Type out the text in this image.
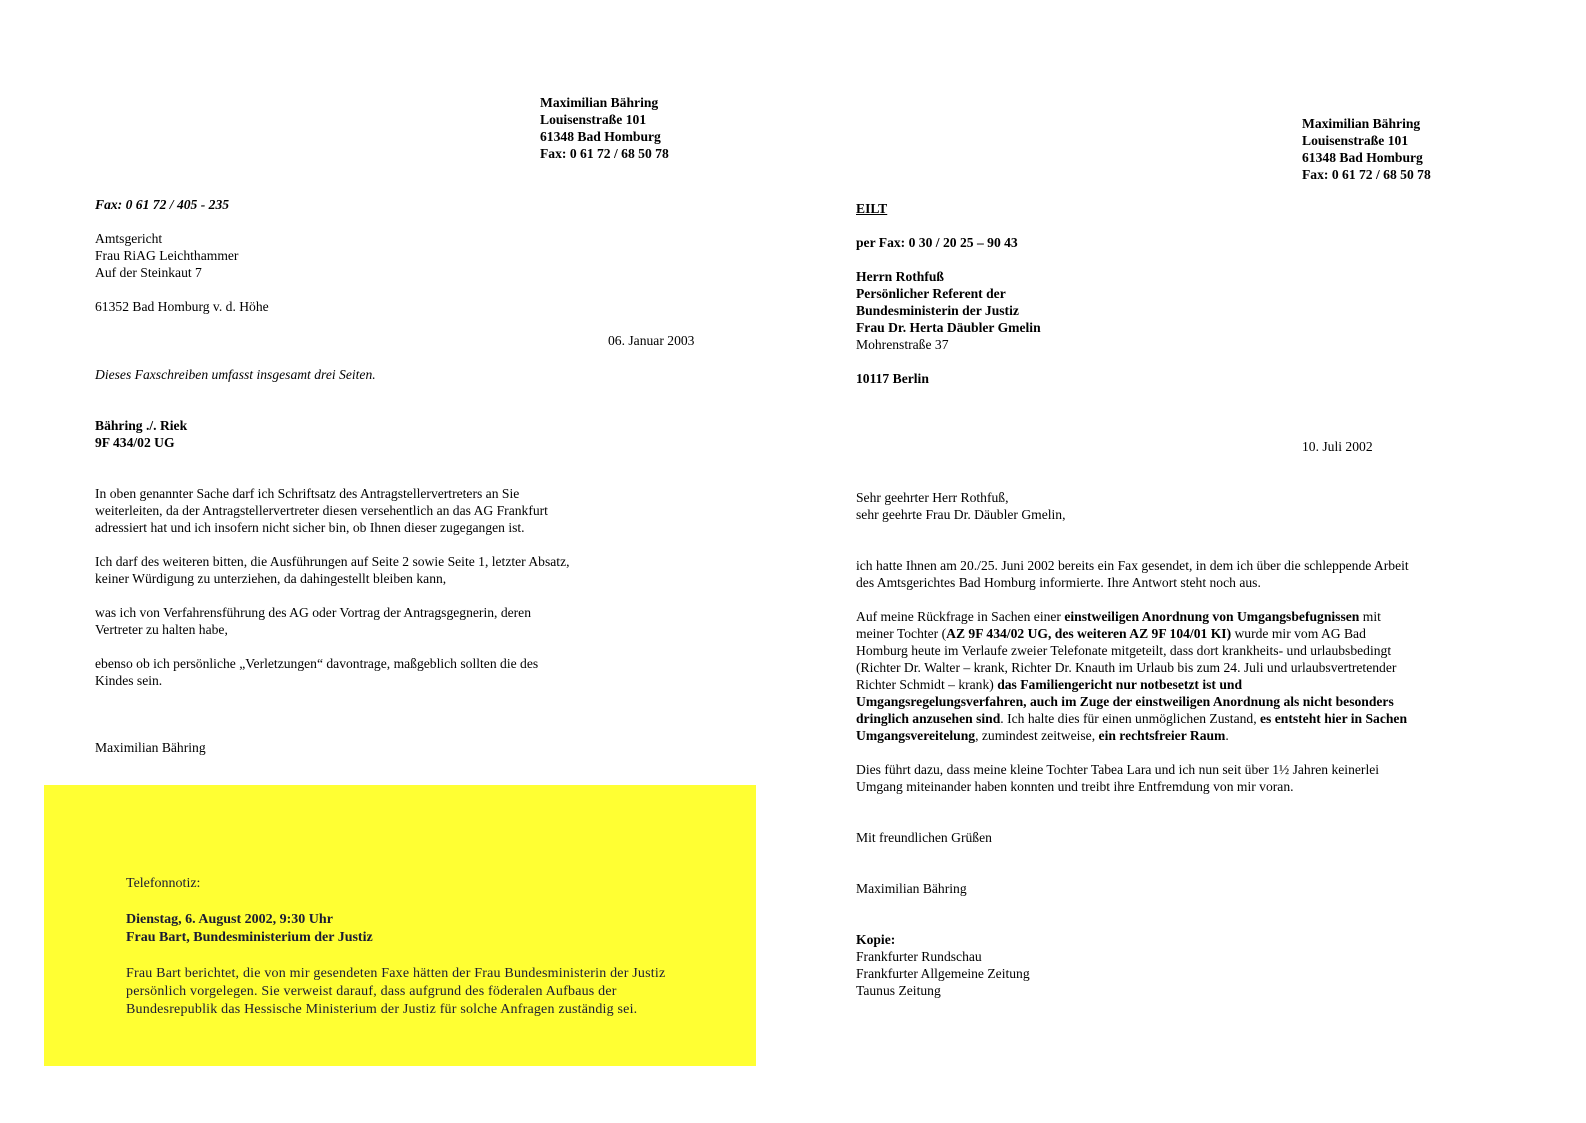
Maximilian Bähring
Louisenstraße 101
61348 Bad Homburg
Fax: 0 61 72 / 68 50 78
Fax: 0 61 72 / 405 - 235
Amtsgericht
Frau RiAG Leichthammer
Auf der Steinkaut 7
61352 Bad Homburg v. d. Höhe
06. Januar 2003
Dieses Faxschreiben umfasst insgesamt drei Seiten.
Bähring ./. Riek
9F 434/02 UG
In oben genannter Sache darf ich Schriftsatz des Antragstellervertreters an Sie
weiterleiten, da der Antragstellervertreter diesen versehentlich an das AG Frankfurt
adressiert hat und ich insofern nicht sicher bin, ob Ihnen dieser zugegangen ist.
Ich darf des weiteren bitten, die Ausführungen auf Seite 2 sowie Seite 1, letzter Absatz,
keiner Würdigung zu unterziehen, da dahingestellt bleiben kann,
was ich von Verfahrensführung des AG oder Vortrag der Antragsgegnerin, deren
Vertreter zu halten habe,
ebenso ob ich persönliche „Verletzungen“ davontrage, maßgeblich sollten die des
Kindes sein.
Maximilian Bähring
Telefonnotiz:
Dienstag, 6. August 2002, 9:30 Uhr
Frau Bart, Bundesministerium der Justiz
Frau Bart berichtet, die von mir gesendeten Faxe hätten der Frau Bundesministerin der Justiz
persönlich vorgelegen. Sie verweist darauf, dass aufgrund des föderalen Aufbaus der
Bundesrepublik das Hessische Ministerium der Justiz für solche Anfragen zuständig sei.
Maximilian Bähring
Louisenstraße 101
61348 Bad Homburg
Fax: 0 61 72 / 68 50 78
EILT
per Fax: 0 30 / 20 25 – 90 43
Herrn Rothfuß
Persönlicher Referent der
Bundesministerin der Justiz
Frau Dr. Herta Däubler Gmelin
Mohrenstraße 37
10117 Berlin
10. Juli 2002
Sehr geehrter Herr Rothfuß,
sehr geehrte Frau Dr. Däubler Gmelin,
ich hatte Ihnen am 20./25. Juni 2002 bereits ein Fax gesendet, in dem ich über die schleppende Arbeit
des Amtsgerichtes Bad Homburg informierte. Ihre Antwort steht noch aus.
Auf meine Rückfrage in Sachen einer einstweiligen Anordnung von Umgangsbefugnissen mit
meiner Tochter (AZ 9F 434/02 UG, des weiteren AZ 9F 104/01 KI) wurde mir vom AG Bad
Homburg heute im Verlaufe zweier Telefonate mitgeteilt, dass dort krankheits- und urlaubsbedingt
(Richter Dr. Walter – krank, Richter Dr. Knauth im Urlaub bis zum 24. Juli und urlaubsvertretender
Richter Schmidt – krank) das Familiengericht nur notbesetzt ist und
Umgangsregelungsverfahren, auch im Zuge der einstweiligen Anordnung als nicht besonders
dringlich anzusehen sind. Ich halte dies für einen unmöglichen Zustand, es entsteht hier in Sachen
Umgangsvereitelung, zumindest zeitweise, ein rechtsfreier Raum.
Dies führt dazu, dass meine kleine Tochter Tabea Lara und ich nun seit über 1½ Jahren keinerlei
Umgang miteinander haben konnten und treibt ihre Entfremdung von mir voran.
Mit freundlichen Grüßen
Maximilian Bähring
Kopie:
Frankfurter Rundschau
Frankfurter Allgemeine Zeitung
Taunus Zeitung
